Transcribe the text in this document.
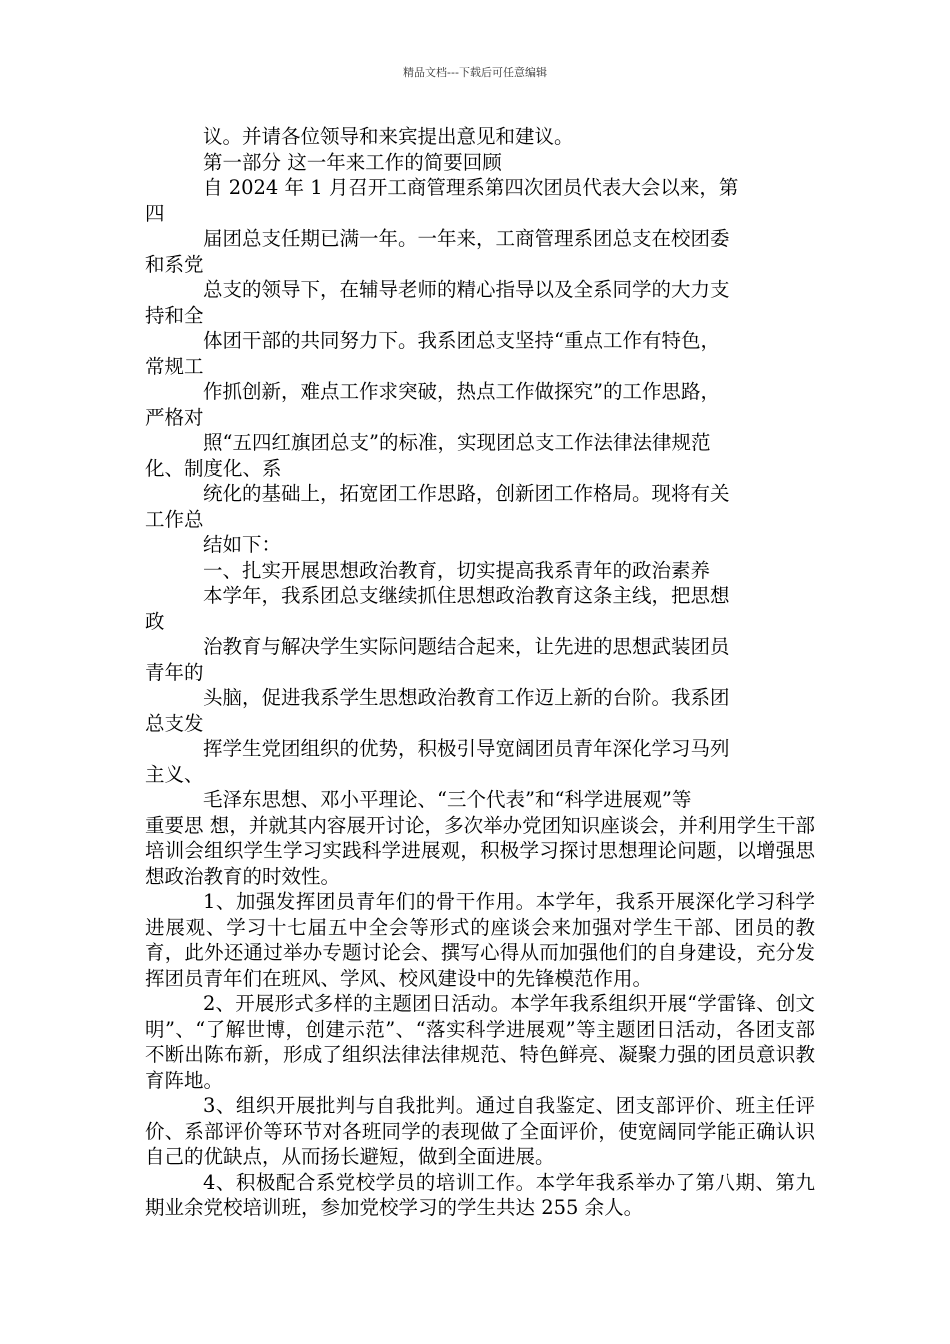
精品文档---下载后可任意编辑
议。并请各位领导和来宾提出意见和建议。
第一部分 这一年来工作的简要回顾
自 2024 年 1 月召开工商管理系第四次团员代表大会以来，第
四
届团总支任期已满一年。一年来，工商管理系团总支在校团委
和系党
总支的领导下，在辅导老师的精心指导以及全系同学的大力支
持和全
体团干部的共同努力下。我系团总支坚持“重点工作有特色，
常规工
作抓创新，难点工作求突破，热点工作做探究”的工作思路，
严格对
照“五四红旗团总支”的标准，实现团总支工作法律法律规范
化、制度化、系
统化的基础上，拓宽团工作思路，创新团工作格局。现将有关
工作总
结如下：
一、扎实开展思想政治教育，切实提高我系青年的政治素养
本学年，我系团总支继续抓住思想政治教育这条主线，把思想
政
治教育与解决学生实际问题结合起来，让先进的思想武装团员
青年的
头脑，促进我系学生思想政治教育工作迈上新的台阶。我系团
总支发
挥学生党团组织的优势，积极引导宽阔团员青年深化学习马列
主义、
毛泽东思想、邓小平理论、“三个代表”和“科学进展观”等

重要思 想，并就其内容展开讨论，多次举办党团知识座谈会，并利用学生干部培训会组织学生学习实践科学进展观，积极学习探讨思想理论问题，以增强思想政治教育的时效性。

1、加强发挥团员青年们的骨干作用。本学年，我系开展深化学习科学进展观、学习十七届五中全会等形式的座谈会来加强对学生干部、团员的教育，此外还通过举办专题讨论会、撰写心得从而加强他们的自身建设，充分发挥团员青年们在班风、学风、校风建设中的先锋模范作用。

2、开展形式多样的主题团日活动。本学年我系组织开展“学雷锋、创文明”、“了解世博，创建示范”、“落实科学进展观”等主题团日活动，各团支部不断出陈布新，形成了组织法律法律规范、特色鲜亮、凝聚力强的团员意识教育阵地。

3、组织开展批判与自我批判。通过自我鉴定、团支部评价、班主任评价、系部评价等环节对各班同学的表现做了全面评价，使宽阔同学能正确认识自己的优缺点，从而扬长避短，做到全面进展。

4、积极配合系党校学员的培训工作。本学年我系举办了第八期、第九期业余党校培训班，参加党校学习的学生共达 255 余人。
